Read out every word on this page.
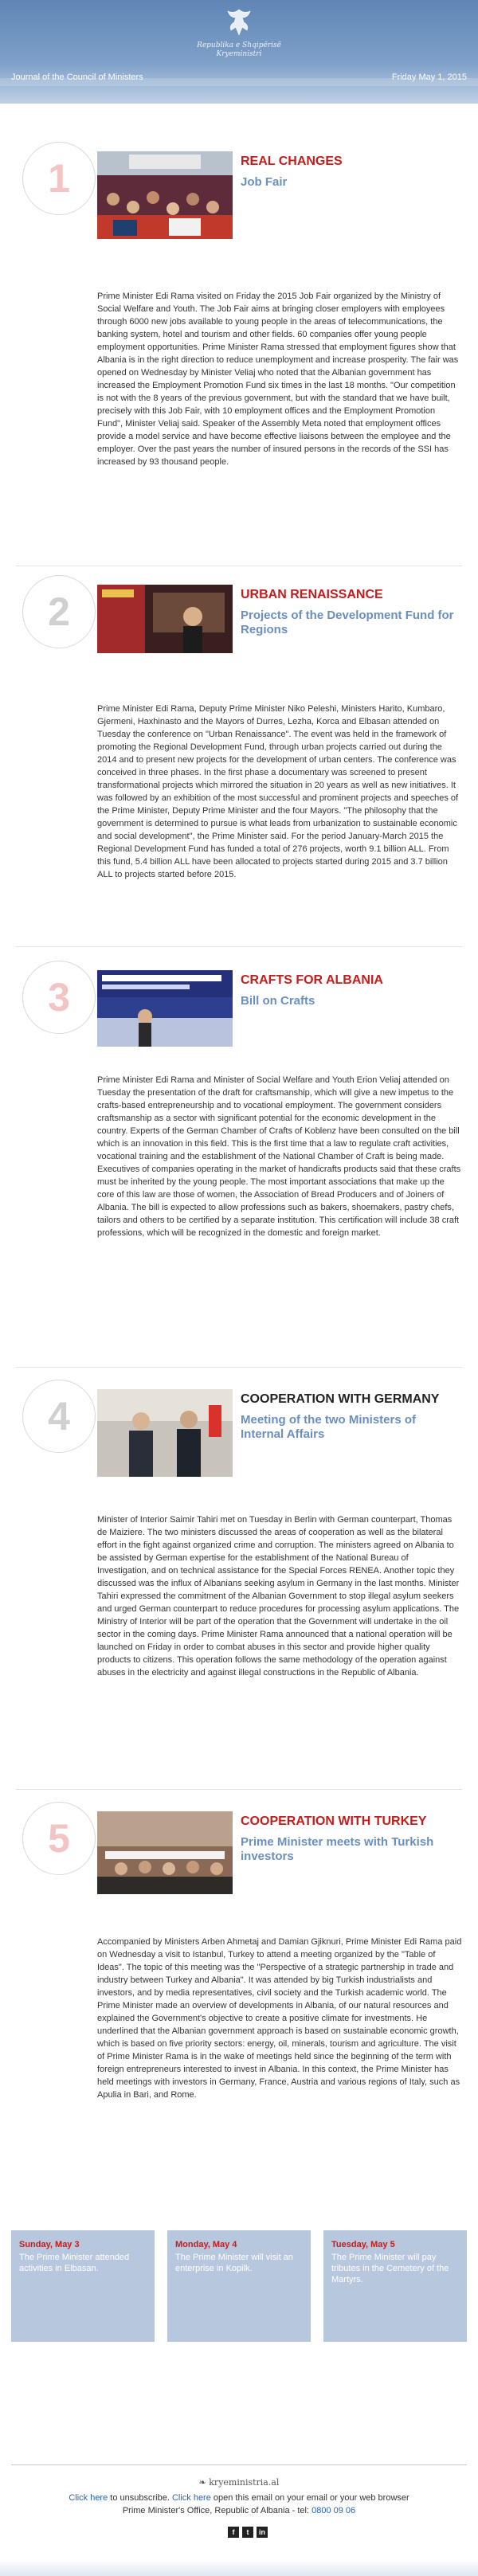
Republika e Shqipërisë
Kryeministri
Journal of the Council of Ministers	Friday May 1, 2015
1	REAL CHANGES
Job Fair

Prime Minister Edi Rama visited on Friday the 2015 Job Fair organized by the Ministry of Social Welfare and Youth. The Job Fair aims at bringing closer employers with employees through 6000 new jobs available to young people in the areas of telecommunications, the banking system, hotel and tourism and other fields. 60 companies offer young people employment opportunities. Prime Minister Rama stressed that employment figures show that Albania is in the right direction to reduce unemployment and increase prosperity. The fair was opened on Wednesday by Minister Veliaj who noted that the Albanian government has increased the Employment Promotion Fund six times in the last 18 months. "Our competition is not with the 8 years of the previous government, but with the standard that we have built, precisely with this Job Fair, with 10 employment offices and the Employment Promotion Fund", Minister Veliaj said. Speaker of the Assembly Meta noted that employment offices provide a model service and have become effective liaisons between the employee and the employer. Over the past years the number of insured persons in the records of the SSI has increased by 93 thousand people.

2	URBAN RENAISSANCE
Projects of the Development Fund for Regions

Prime Minister Edi Rama, Deputy Prime Minister Niko Peleshi, Ministers Harito, Kumbaro, Gjermeni, Haxhinasto and the Mayors of Durres, Lezha, Korca and Elbasan attended on Tuesday the conference on "Urban Renaissance". The event was held in the framework of promoting the Regional Development Fund, through urban projects carried out during the 2014 and to present new projects for the development of urban centers. The conference was conceived in three phases. In the first phase a documentary was screened to present transformational projects which mirrored the situation in 20 years as well as new initiatives. It was followed by an exhibition of the most successful and prominent projects and speeches of the Prime Minister, Deputy Prime Minister and the four Mayors. "The philosophy that the government is determined to pursue is what leads from urbanization to sustainable economic and social development", the Prime Minister said. For the period January-March 2015 the Regional Development Fund has funded a total of 276 projects, worth 9.1 billion ALL. From this fund, 5.4 billion ALL have been allocated to projects started during 2015 and 3.7 billion ALL to projects started before 2015.

3	CRAFTS FOR ALBANIA
Bill on Crafts

Prime Minister Edi Rama and Minister of Social Welfare and Youth Erion Veliaj attended on Tuesday the presentation of the draft for craftsmanship, which will give a new impetus to the crafts-based entrepreneurship and to vocational employment. The government considers craftsmanship as a sector with significant potential for the economic development in the country. Experts of the German Chamber of Crafts of Koblenz have been consulted on the bill which is an innovation in this field. This is the first time that a law to regulate craft activities, vocational training and the establishment of the National Chamber of Craft is being made. Executives of companies operating in the market of handicrafts products said that these crafts must be inherited by the young people. The most important associations that make up the core of this law are those of women, the Association of Bread Producers and of Joiners of Albania. The bill is expected to allow professions such as bakers, shoemakers, pastry chefs, tailors and others to be certified by a separate institution. This certification will include 38 craft professions, which will be recognized in the domestic and foreign market.

4	COOPERATION WITH GERMANY
Meeting of the two Ministers of Internal Affairs

Minister of Interior Saimir Tahiri met on Tuesday in Berlin with German counterpart, Thomas de Maiziere. The two ministers discussed the areas of cooperation as well as the bilateral effort in the fight against organized crime and corruption. The ministers agreed on Albania to be assisted by German expertise for the establishment of the National Bureau of Investigation, and on technical assistance for the Special Forces RENEA. Another topic they discussed was the influx of Albanians seeking asylum in Germany in the last months. Minister Tahiri expressed the commitment of the Albanian Government to stop illegal asylum seekers and urged German counterpart to reduce procedures for processing asylum applications. The Ministry of Interior will be part of the operation that the Government will undertake in the oil sector in the coming days. Prime Minister Rama announced that a national operation will be launched on Friday in order to combat abuses in this sector and provide higher quality products to citizens. This operation follows the same methodology of the operation against abuses in the electricity and against illegal constructions in the Republic of Albania.

5	COOPERATION WITH TURKEY
Prime Minister meets with Turkish investors

Accompanied by Ministers Arben Ahmetaj and Damian Gjiknuri, Prime Minister Edi Rama paid on Wednesday a visit to Istanbul, Turkey to attend a meeting organized by the "Table of Ideas". The topic of this meeting was the "Perspective of a strategic partnership in trade and industry between Turkey and Albania". It was attended by big Turkish industrialists and investors, and by media representatives, civil society and the Turkish academic world. The Prime Minister made an overview of developments in Albania, of our natural resources and explained the Government's objective to create a positive climate for investments. He underlined that the Albanian government approach is based on sustainable economic growth, which is based on five priority sectors: energy, oil, minerals, tourism and agriculture. The visit of Prime Minister Rama is in the wake of meetings held since the beginning of the term with foreign entrepreneurs interested to invest in Albania. In this context, the Prime Minister has held meetings with investors in Germany, France, Austria and various regions of Italy, such as Apulia in Bari, and Rome.

Sunday, May 3
The Prime Minister attended activities in Elbasan.
Monday, May 4
The Prime Minister will visit an enterprise in Kopilk.
Tuesday, May 5
The Prime Minister will pay tributes in the Cemetery of the Martyrs.
❧ kryeministria.al
Click here to unsubscribe. Click here open this email on your email or your web browser
Prime Minister's Office, Republic of Albania - tel: 0800 09 06
f	t	in
